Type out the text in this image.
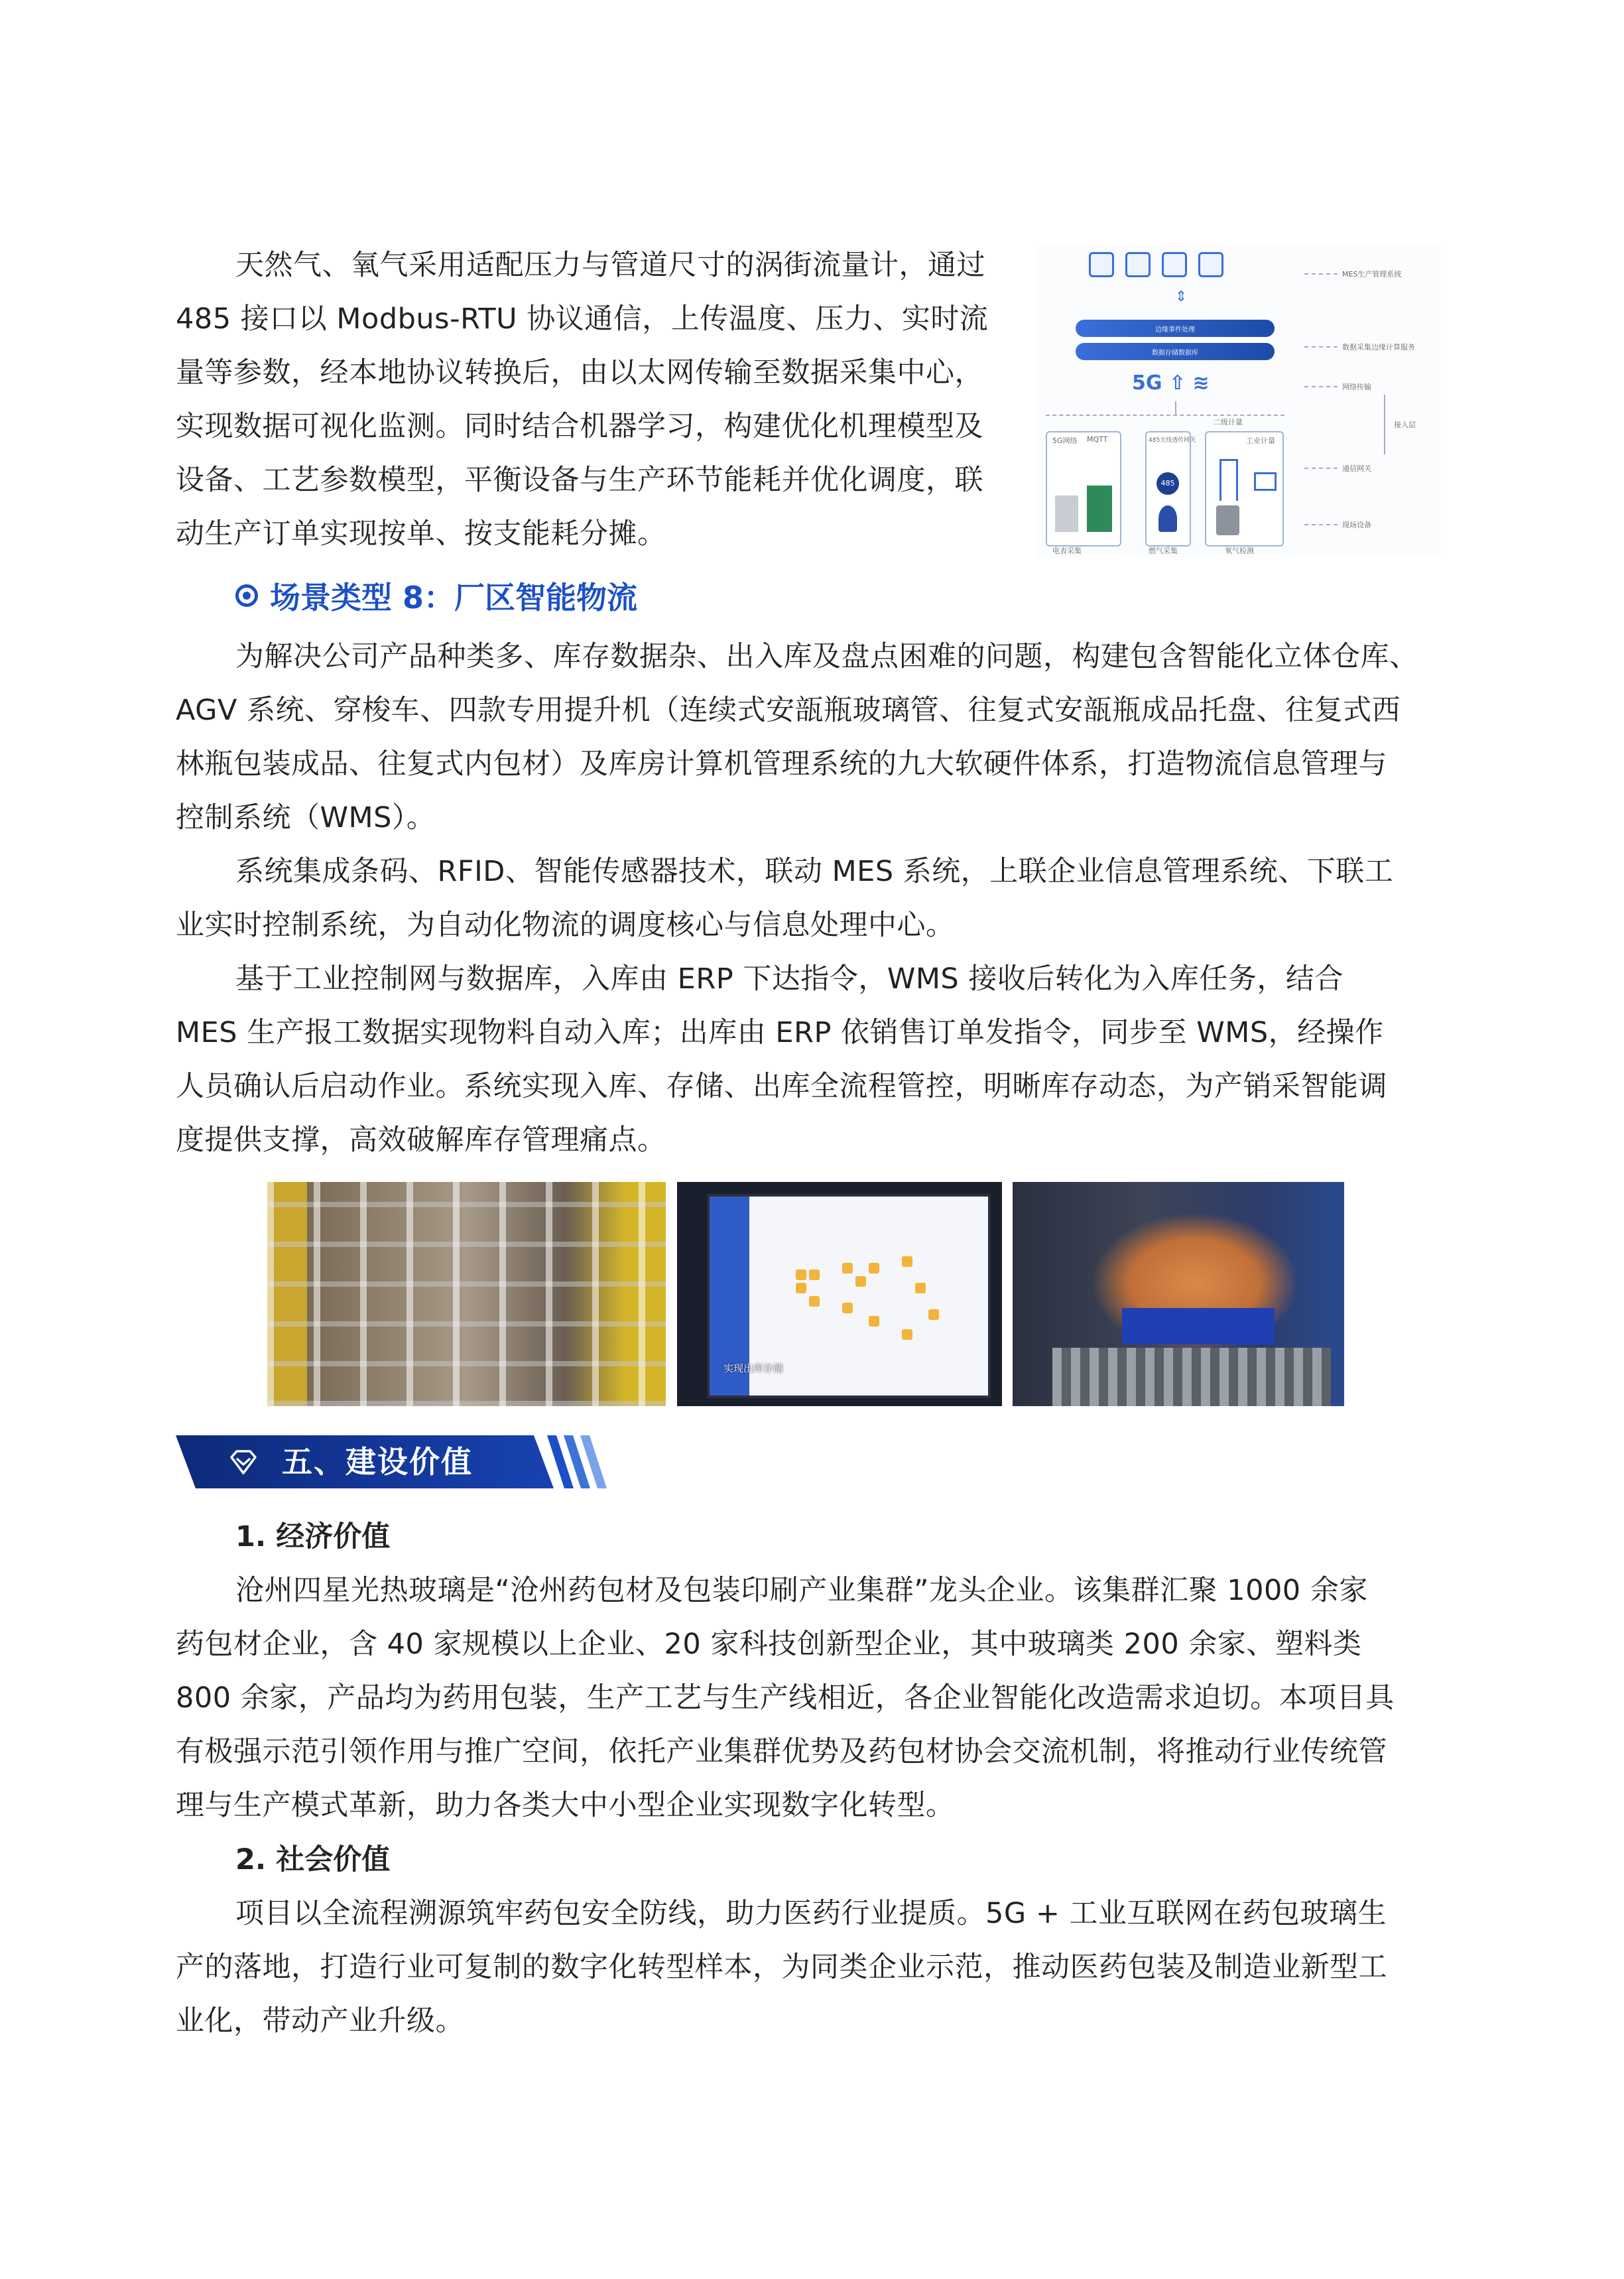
天然气、氧气采用适配压力与管道尺寸的涡街流量计，通过
485 接口以 Modbus-RTU 协议通信，上传温度、压力、实时流
量等参数，经本地协议转换后，由以太网传输至数据采集中心，
实现数据可视化监测。同时结合机器学习，构建优化机理模型及
设备、工艺参数模型，平衡设备与生产环节能耗并优化调度，联
动生产订单实现按单、按支能耗分摊。
⇕
边缘事件处理
数据存储数据库
5G ⇧ ≋
5G网络 MQTT	485无线透传网关
485
工业计量
电表采集	燃气采集	氧气检测
二级计量
MES生产管理系统
数据采集边缘计算服务
网络传输
接入层
通信网关
现场设备
场景类型 8：厂区智能物流
为解决公司产品种类多、库存数据杂、出入库及盘点困难的问题，构建包含智能化立体仓库、
AGV 系统、穿梭车、四款专用提升机（连续式安瓿瓶玻璃管、往复式安瓿瓶成品托盘、往复式西
林瓶包装成品、往复式内包材）及库房计算机管理系统的九大软硬件体系，打造物流信息管理与
控制系统（WMS）。
系统集成条码、RFID、智能传感器技术，联动 MES 系统，上联企业信息管理系统、下联工
业实时控制系统，为自动化物流的调度核心与信息处理中心。
基于工业控制网与数据库，入库由 ERP 下达指令，WMS 接收后转化为入库任务，结合
MES 生产报工数据实现物料自动入库；出库由 ERP 依销售订单发指令，同步至 WMS，经操作
人员确认后启动作业。系统实现入库、存储、出库全流程管控，明晰库存动态，为产销采智能调
度提供支撑，高效破解库存管理痛点。
实现出库存储
五、建设价值
1. 经济价值
沧州四星光热玻璃是“沧州药包材及包装印刷产业集群”龙头企业。该集群汇聚 1000 余家
药包材企业，含 40 家规模以上企业、20 家科技创新型企业，其中玻璃类 200 余家、塑料类
800 余家，产品均为药用包装，生产工艺与生产线相近，各企业智能化改造需求迫切。本项目具
有极强示范引领作用与推广空间，依托产业集群优势及药包材协会交流机制，将推动行业传统管
理与生产模式革新，助力各类大中小型企业实现数字化转型。
2. 社会价值
项目以全流程溯源筑牢药包安全防线，助力医药行业提质。5G + 工业互联网在药包玻璃生
产的落地，打造行业可复制的数字化转型样本，为同类企业示范，推动医药包装及制造业新型工
业化，带动产业升级。
